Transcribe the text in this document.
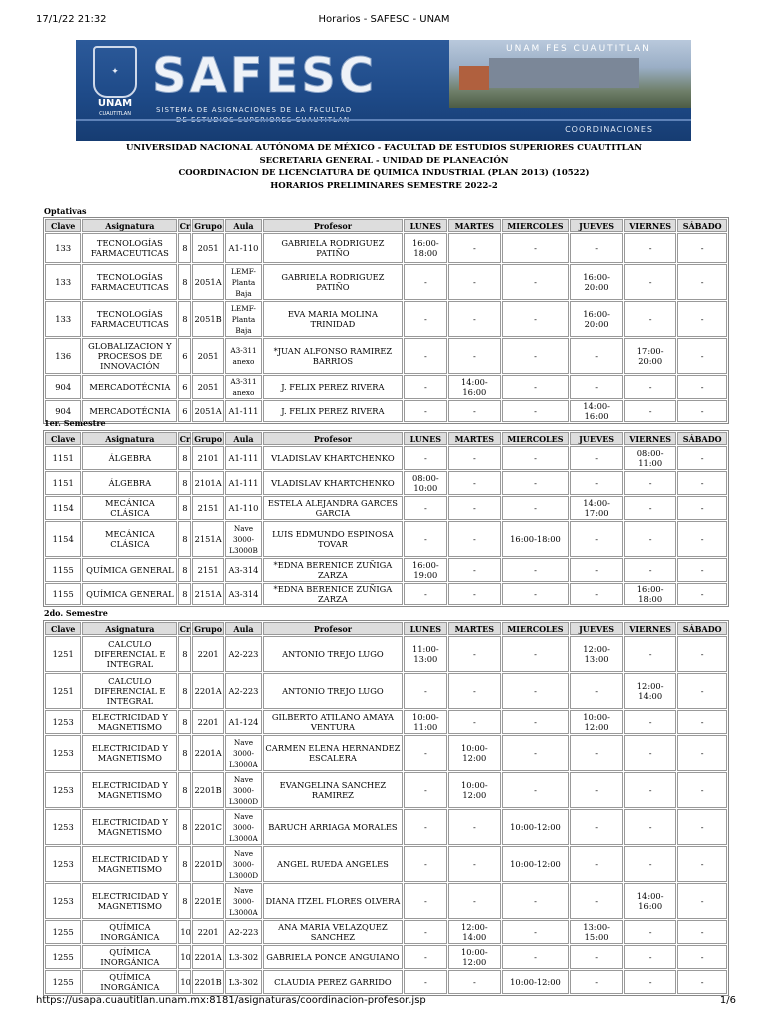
17/1/22 21:32	Horarios - SAFESC - UNAM
✦
UNAM
CUAUTITLAN
SAFESC
SISTEMA DE ASIGNACIONES DE LA FACULTAD
UNAM FES CUAUTITLAN
COORDINACIONES
UNIVERSIDAD NACIONAL AUTÓNOMA DE MÉXICO - FACULTAD DE ESTUDIOS SUPERIORES CUAUTITLAN
SECRETARIA GENERAL - UNIDAD DE PLANEACIÓN
COORDINACION DE LICENCIATURA DE QUIMICA INDUSTRIAL (PLAN 2013) (10522)
HORARIOS PRELIMINARES SEMESTRE 2022-2
Optativas
Clave	Asignatura	Cr	Grupo	Aula	Profesor	LUNES	MARTES	MIERCOLES	JUEVES	VIERNES	SÁBADO
133	TECNOLOGÍAS FARMACEUTICAS	8	2051	A1-110	GABRIELA RODRIGUEZ PATIÑO	16:00-18:00	-	-	-	-	-
133	TECNOLOGÍAS FARMACEUTICAS	8	2051A	LEMF-Planta Baja	GABRIELA RODRIGUEZ PATIÑO	-	-	-	16:00-20:00	-	-
133	TECNOLOGÍAS FARMACEUTICAS	8	2051B	LEMF-Planta Baja	EVA MARIA MOLINA TRINIDAD	-	-	-	16:00-20:00	-	-
136	GLOBALIZACION Y PROCESOS DE INNOVACIÓN	6	2051	A3-311 anexo	*JUAN ALFONSO RAMIREZ BARRIOS	-	-	-	-	17:00-20:00	-
904	MERCADOTÉCNIA	6	2051	A3-311 anexo	J. FELIX PEREZ RIVERA	-	14:00-16:00	-	-	-	-
904	MERCADOTÉCNIA	6	2051A	A1-111	J. FELIX PEREZ RIVERA	-	-	-	14:00-16:00	-	-
1er. Semestre
Clave	Asignatura	Cr	Grupo	Aula	Profesor	LUNES	MARTES	MIERCOLES	JUEVES	VIERNES	SÁBADO
1151	ÁLGEBRA	8	2101	A1-111	VLADISLAV KHARTCHENKO	-	-	-	-	08:00-11:00	-
1151	ÁLGEBRA	8	2101A	A1-111	VLADISLAV KHARTCHENKO	08:00-10:00	-	-	-	-	-
1154	MECÁNICA CLÁSICA	8	2151	A1-110	ESTELA ALEJANDRA GARCES GARCIA	-	-	-	14:00-17:00	-	-
1154	MECÁNICA CLÁSICA	8	2151A	Nave 3000-L3000B	LUIS EDMUNDO ESPINOSA TOVAR	-	-	16:00-18:00	-	-	-
1155	QUÍMICA GENERAL	8	2151	A3-314	*EDNA BERENICE ZUÑIGA ZARZA	16:00-19:00	-	-	-	-	-
1155	QUÍMICA GENERAL	8	2151A	A3-314	*EDNA BERENICE ZUÑIGA ZARZA	-	-	-	-	16:00-18:00	-
2do. Semestre
Clave	Asignatura	Cr	Grupo	Aula	Profesor	LUNES	MARTES	MIERCOLES	JUEVES	VIERNES	SÁBADO
1251	CALCULO DIFERENCIAL E INTEGRAL	8	2201	A2-223	ANTONIO TREJO LUGO	11:00-13:00	-	-	12:00-13:00	-	-
1251	CALCULO DIFERENCIAL E INTEGRAL	8	2201A	A2-223	ANTONIO TREJO LUGO	-	-	-	-	12:00-14:00	-
1253	ELECTRICIDAD Y MAGNETISMO	8	2201	A1-124	GILBERTO ATILANO AMAYA VENTURA	10:00-11:00	-	-	10:00-12:00	-	-
1253	ELECTRICIDAD Y MAGNETISMO	8	2201A	Nave 3000-L3000A	CARMEN ELENA HERNANDEZ ESCALERA	-	10:00-12:00	-	-	-	-
1253	ELECTRICIDAD Y MAGNETISMO	8	2201B	Nave 3000-L3000D	EVANGELINA SANCHEZ RAMIREZ	-	10:00-12:00	-	-	-	-
1253	ELECTRICIDAD Y MAGNETISMO	8	2201C	Nave 3000-L3000A	BARUCH ARRIAGA MORALES	-	-	10:00-12:00	-	-	-
1253	ELECTRICIDAD Y MAGNETISMO	8	2201D	Nave 3000-L3000D	ANGEL RUEDA ANGELES	-	-	10:00-12:00	-	-	-
1253	ELECTRICIDAD Y MAGNETISMO	8	2201E	Nave 3000-L3000A	DIANA ITZEL FLORES OLVERA	-	-	-	-	14:00-16:00	-
1255	QUÍMICA INORGÁNICA	10	2201	A2-223	ANA MARIA VELAZQUEZ SANCHEZ	-	12:00-14:00	-	13:00-15:00	-	-
1255	QUÍMICA INORGÁNICA	10	2201A	L3-302	GABRIELA PONCE ANGUIANO	-	10:00-12:00	-	-	-	-
1255	QUÍMICA INORGÁNICA	10	2201B	L3-302	CLAUDIA PEREZ GARRIDO	-	-	10:00-12:00	-	-	-
https://usapa.cuautitlan.unam.mx:8181/asignaturas/coordinacion-profesor.jsp	1/6
